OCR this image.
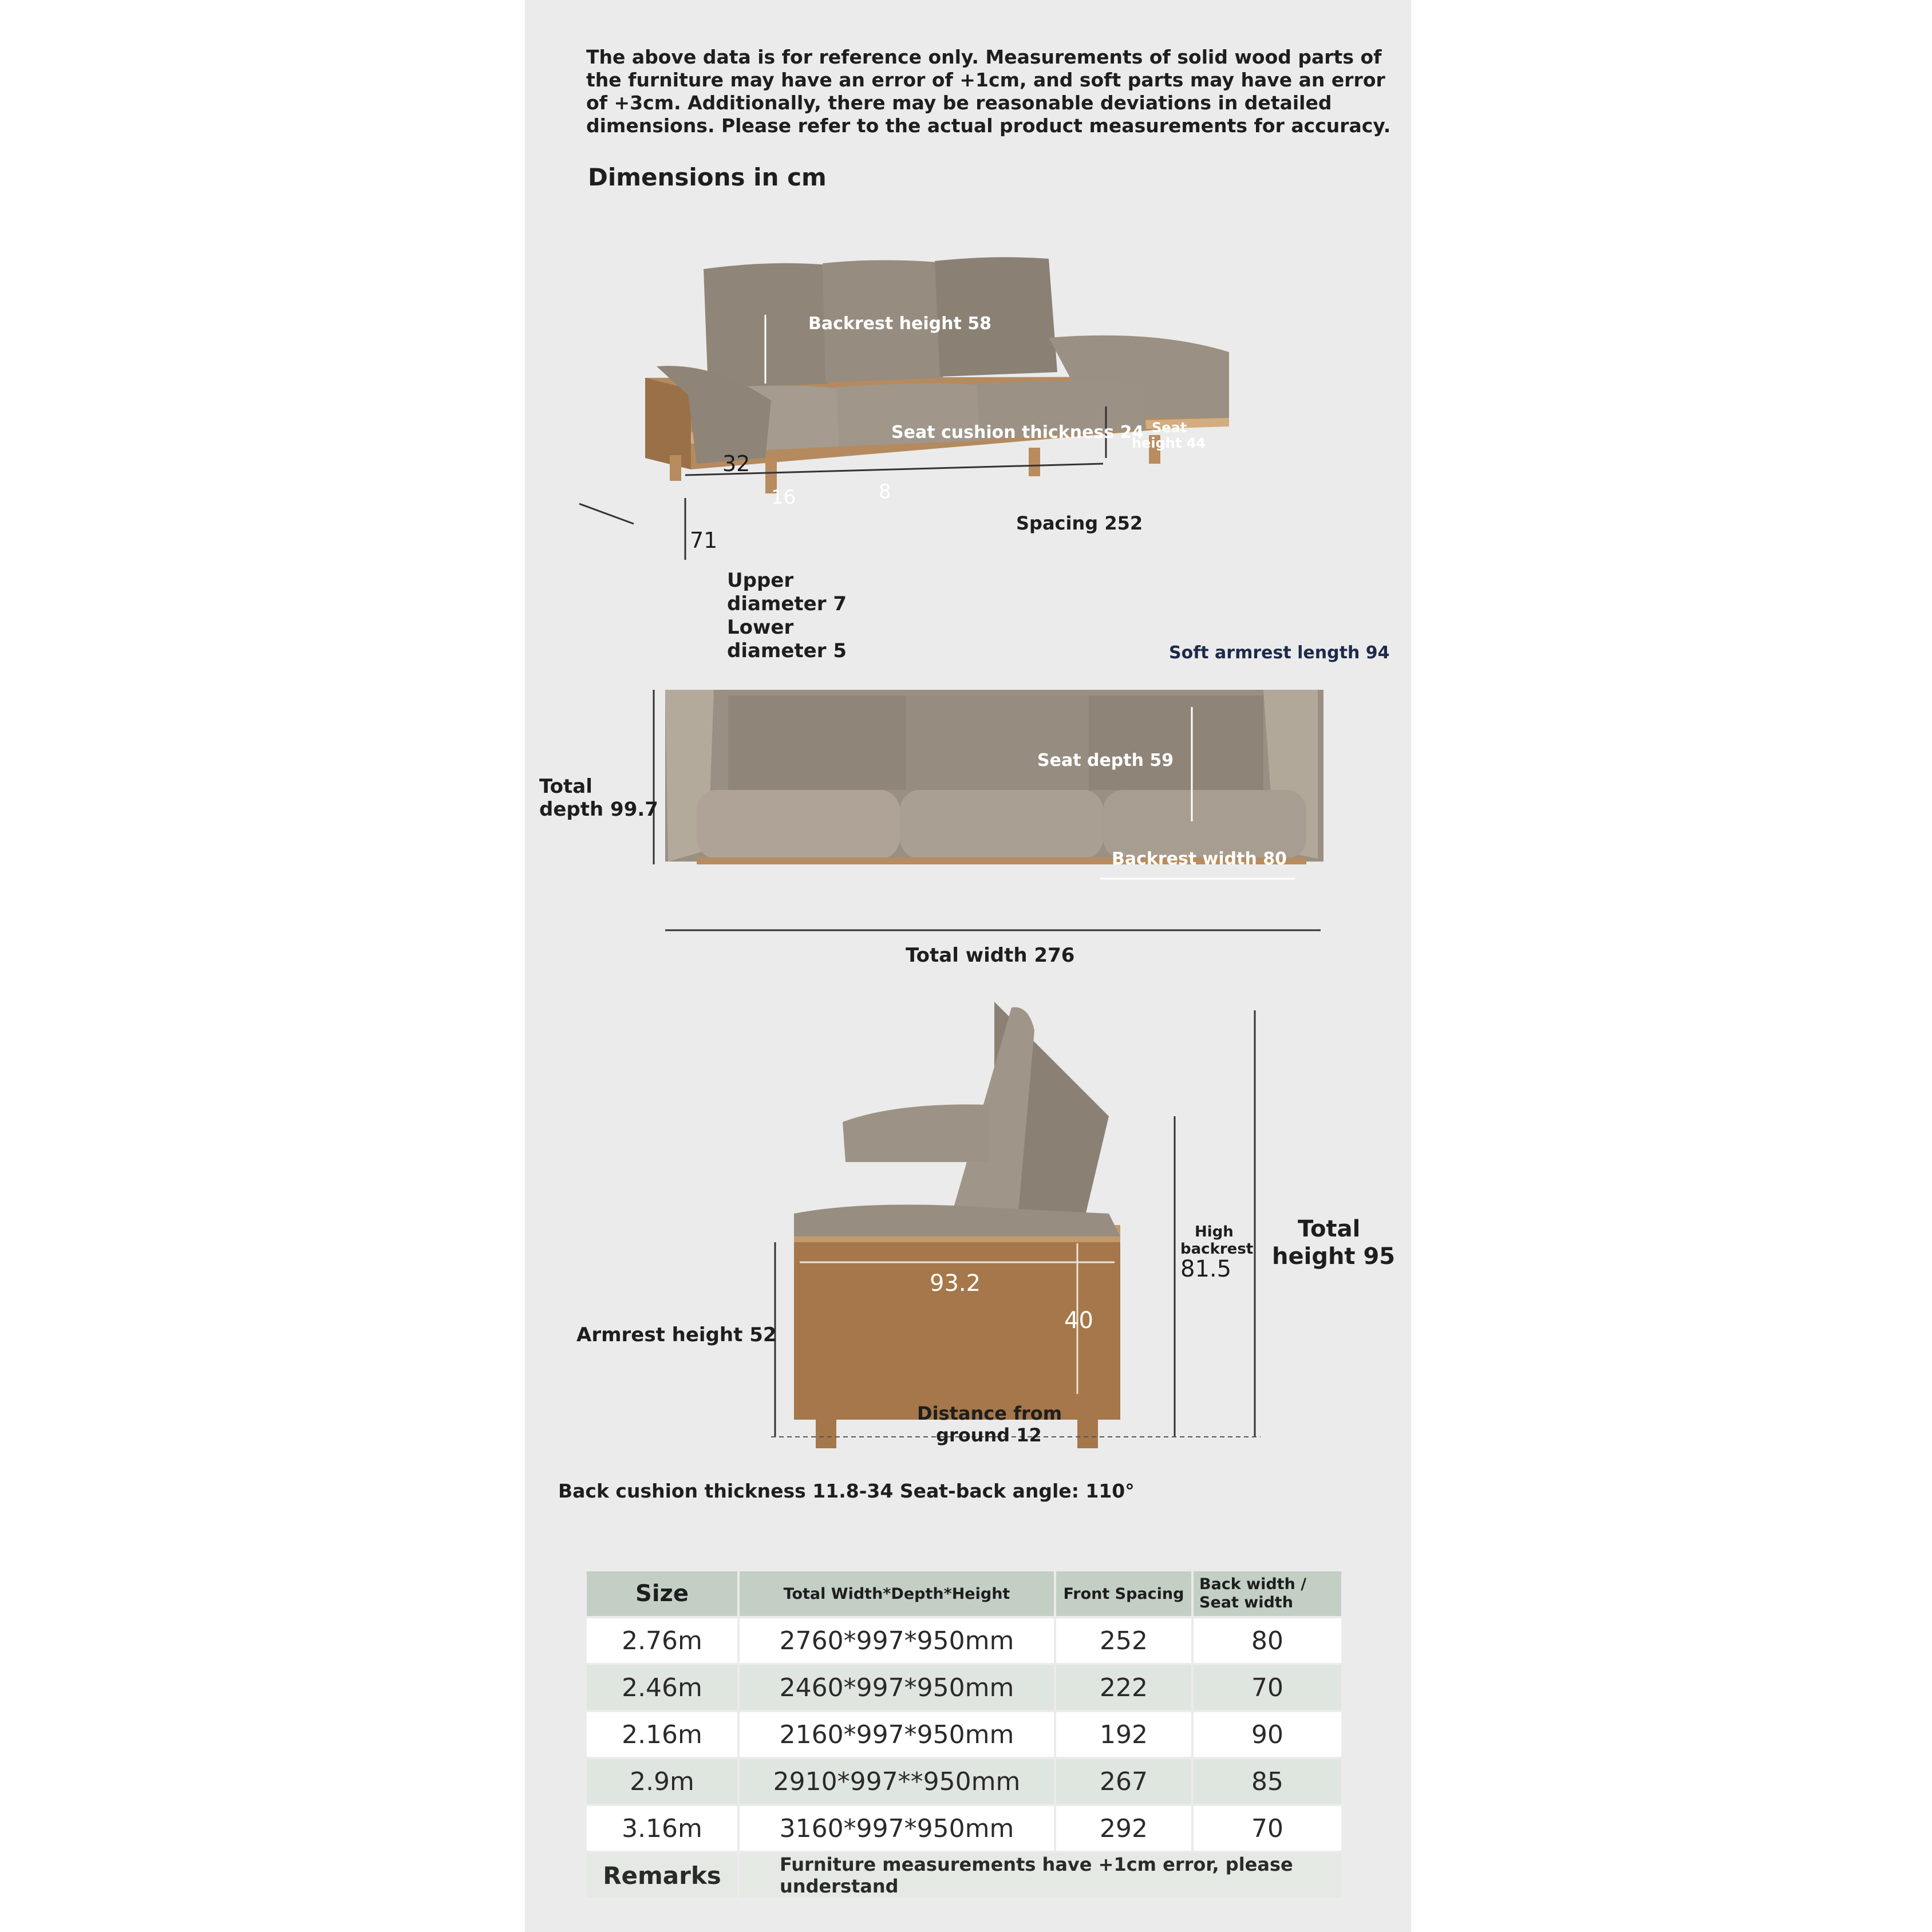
The above data is for reference only. Measurements of solid wood parts of the furniture may have an error of +1cm, and soft parts may have an error of +3cm. Additionally, there may be reasonable deviations in detailed dimensions. Please refer to the actual product measurements for accuracy.
Dimensions in cm
Backrest height 58
Seat cushion thickness 24 Seat
height 44
32
16	8
71
Spacing 252
Upper
diameter 7
Lower
diameter 5	Soft armrest length 94
Total
depth 99.7
Seat depth 59
Backrest width 80
Total width 276
93.2
40
High
backrest
81.5
Total
height 95
Armrest height 52
Distance from
ground 12
Back cushion thickness 11.8-34 Seat-back angle: 110°
Size	Total Width*Depth*Height	Front Spacing	Back width /
Seat width
2.76m	2760*997*950mm	252	80
2.46m	2460*997*950mm	222	70
2.16m	2160*997*950mm	192	90
2.9m	2910*997**950mm	267	85
3.16m	3160*997*950mm	292	70
Remarks	Furniture measurements have +1cm error, please understand		
